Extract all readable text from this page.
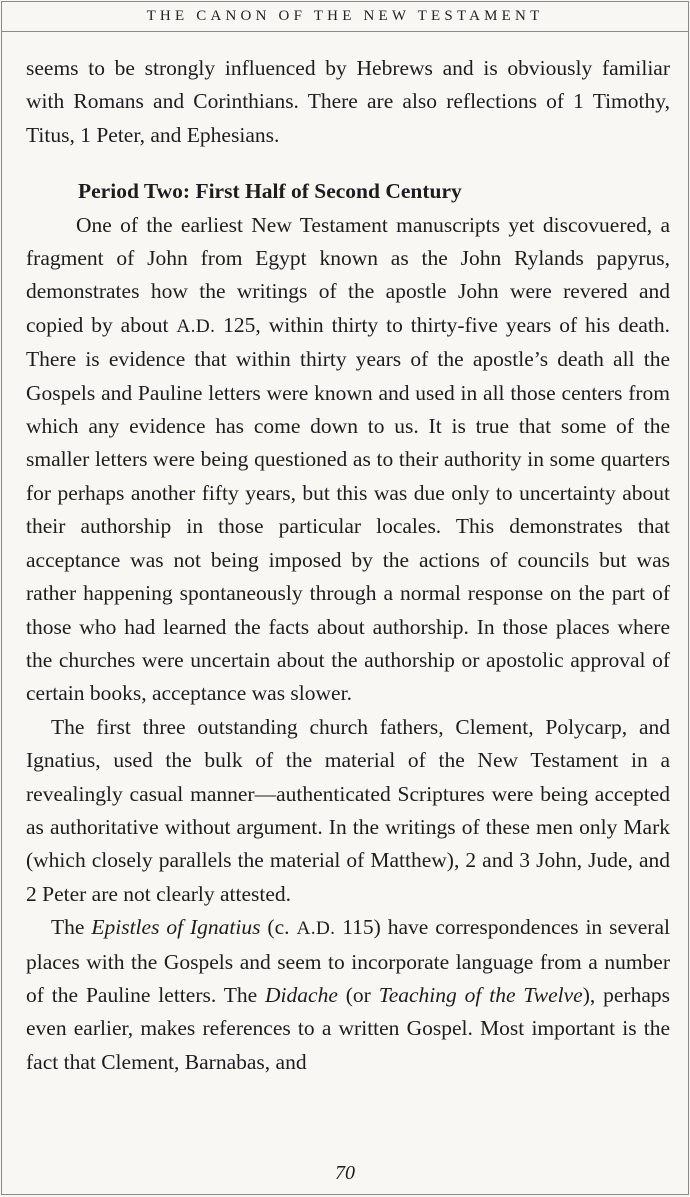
THE CANON OF THE NEW TESTAMENT

seems to be strongly influenced by Hebrews and is obviously familiar with Romans and Corinthians. There are also reflections of 1 Timothy, Titus, 1 Peter, and Ephesians.

Period Two: First Half of Second Century

One of the earliest New Testament manuscripts yet discovuered, a fragment of John from Egypt known as the John Rylands papyrus, demonstrates how the writings of the apostle John were revered and copied by about A.D. 125, within thirty to thirty-five years of his death. There is evidence that within thirty years of the apostle’s death all the Gospels and Pauline letters were known and used in all those centers from which any evidence has come down to us. It is true that some of the smaller letters were being questioned as to their authority in some quarters for perhaps another fifty years, but this was due only to uncertainty about their authorship in those particular locales. This demonstrates that acceptance was not being imposed by the actions of councils but was rather happening spontaneously through a normal response on the part of those who had learned the facts about authorship. In those places where the churches were uncertain about the authorship or apostolic approval of certain books, acceptance was slower.

The first three outstanding church fathers, Clement, Polycarp, and Ignatius, used the bulk of the material of the New Testament in a revealingly casual manner—authenticated Scriptures were being accepted as authoritative without argument. In the writings of these men only Mark (which closely parallels the material of Matthew), 2 and 3 John, Jude, and 2 Peter are not clearly attested.

The Epistles of Ignatius (c. A.D. 115) have correspondences in several places with the Gospels and seem to incorporate language from a number of the Pauline letters. The Didache (or Teaching of the Twelve), perhaps even earlier, makes references to a written Gospel. Most important is the fact that Clement, Barnabas, and

70
